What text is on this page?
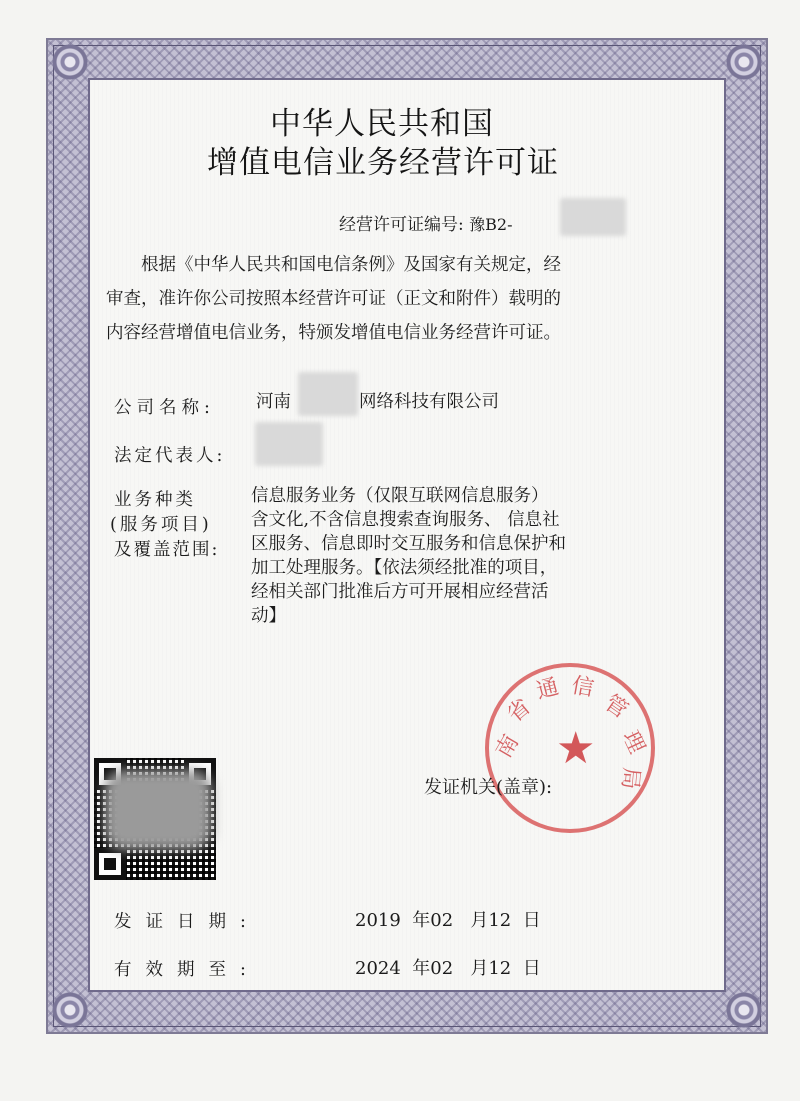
中华人民共和国
增值电信业务经营许可证
经营许可证编号: 豫B2-

根据《中华人民共和国电信条例》及国家有关规定，经

审查，准许你公司按照本经营许可证（正文和附件）载明的

内容经营增值电信业务，特颁发增值电信业务经营许可证。

公司名称: 河南	网络科技有限公司
法定代表人:
业务种类
(服务项目)
及覆盖范围:

信息服务业务（仅限互联网信息服务）

含文化,不含信息搜索查询服务、 信息社

区服务、信息即时交互服务和信息保护和

加工处理服务。【依法须经批准的项目，

经相关部门批准后方可开展相应经营活

动】

★
南
省
通 信
管
理
局
发证机关(盖章):
发证日期:	2019 年02 月12 日
有效期至:	2024 年02 月12 日
